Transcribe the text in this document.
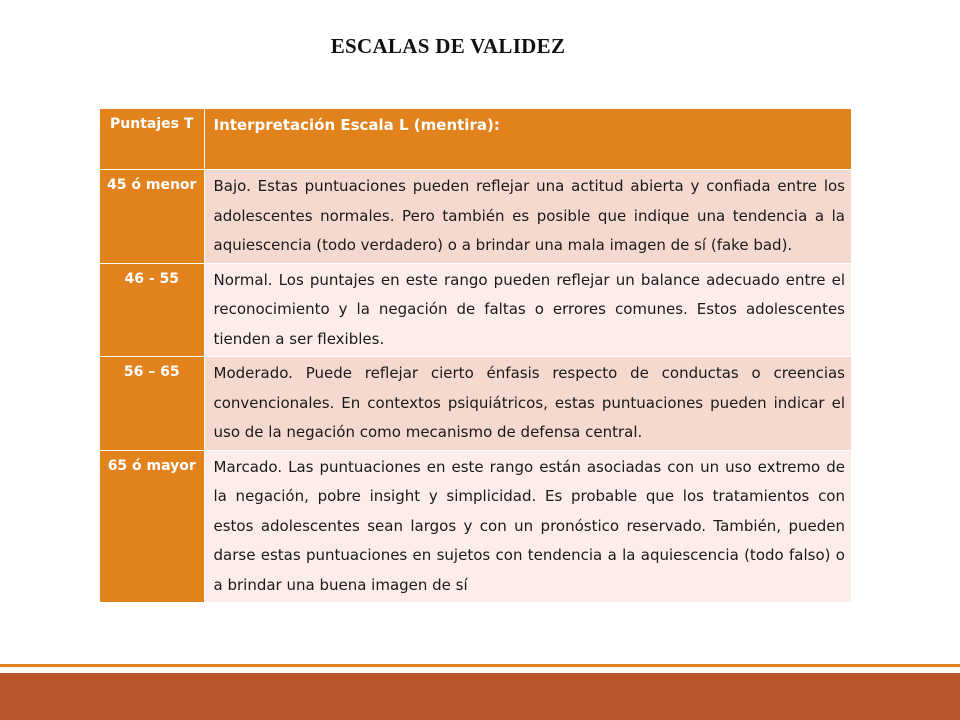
ESCALAS DE VALIDEZ
Puntajes T	Interpretación Escala L (mentira):

45 ó menor	Bajo. Estas puntuaciones pueden reflejar una actitud abierta y confiada entre los adolescentes normales. Pero también es posible que indique una tendencia a la aquiescencia (todo verdadero) o a brindar una mala imagen de sí (fake bad).

46 - 55	Normal. Los puntajes en este rango pueden reflejar un balance adecuado entre el reconocimiento y la negación de faltas o errores comunes. Estos adolescentes tienden a ser flexibles.

56 – 65	Moderado. Puede reflejar cierto énfasis respecto de conductas o creencias convencionales. En contextos psiquiátricos, estas puntuaciones pueden indicar el uso de la negación como mecanismo de defensa central.

65 ó mayor	Marcado. Las puntuaciones en este rango están asociadas con un uso extremo de la negación, pobre insight y simplicidad. Es probable que los tratamientos con estos adolescentes sean largos y con un pronóstico reservado. También, pueden darse estas puntuaciones en sujetos con tendencia a la aquiescencia (todo falso) o a brindar una buena imagen de sí
